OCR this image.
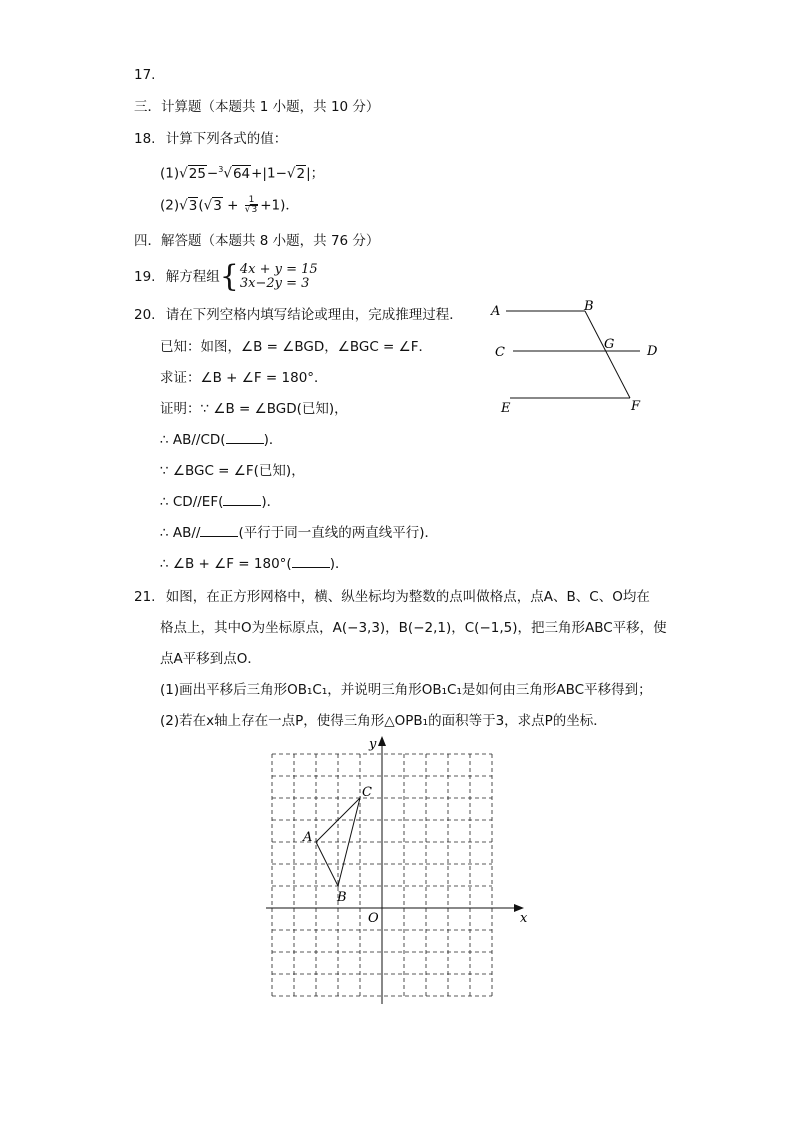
17.
三．计算题（本题共 1 小题，共 10 分）
18. 计算下列各式的值：
(1)√25−$^3$√64+|1−√2|；
$(2)√3(√3 + \frac{1}{√3} +1)$．
四．解答题（本题共 8 小题，共 76 分）
19. 解方程组{ 4x + y = 15
3x−2y = 3
20. 请在下列空格内填写结论或理由，完成推理过程．
已知：如图，∠B = ∠BGD，∠BGC = ∠F．
求证：∠B + ∠F = 180°．
证明：∵ ∠B = ∠BGD(已知)，
∴ AB//CD(	)．
∵ ∠BGC = ∠F(已知)，
∴ CD//EF(	)．
∴ AB//	(平行于同一直线的两直线平行)．
∴ ∠B + ∠F = 180°(	)．
A	B
C
G	D
E	F
21. 如图，在正方形网格中，横、纵坐标均为整数的点叫做格点，点A、B、C、O均在
格点上，其中O为坐标原点，A(−3,3)，B(−2,1)，C(−1,5)，把三角形ABC平移，使
点A平移到点O．
(1)画出平移后三角形OB₁C₁，并说明三角形OB₁C₁是如何由三角形ABC平移得到；
(2)若在x轴上存在一点P，使得三角形△OPB₁的面积等于3，求点P的坐标．
x
y
O
A
B
C
